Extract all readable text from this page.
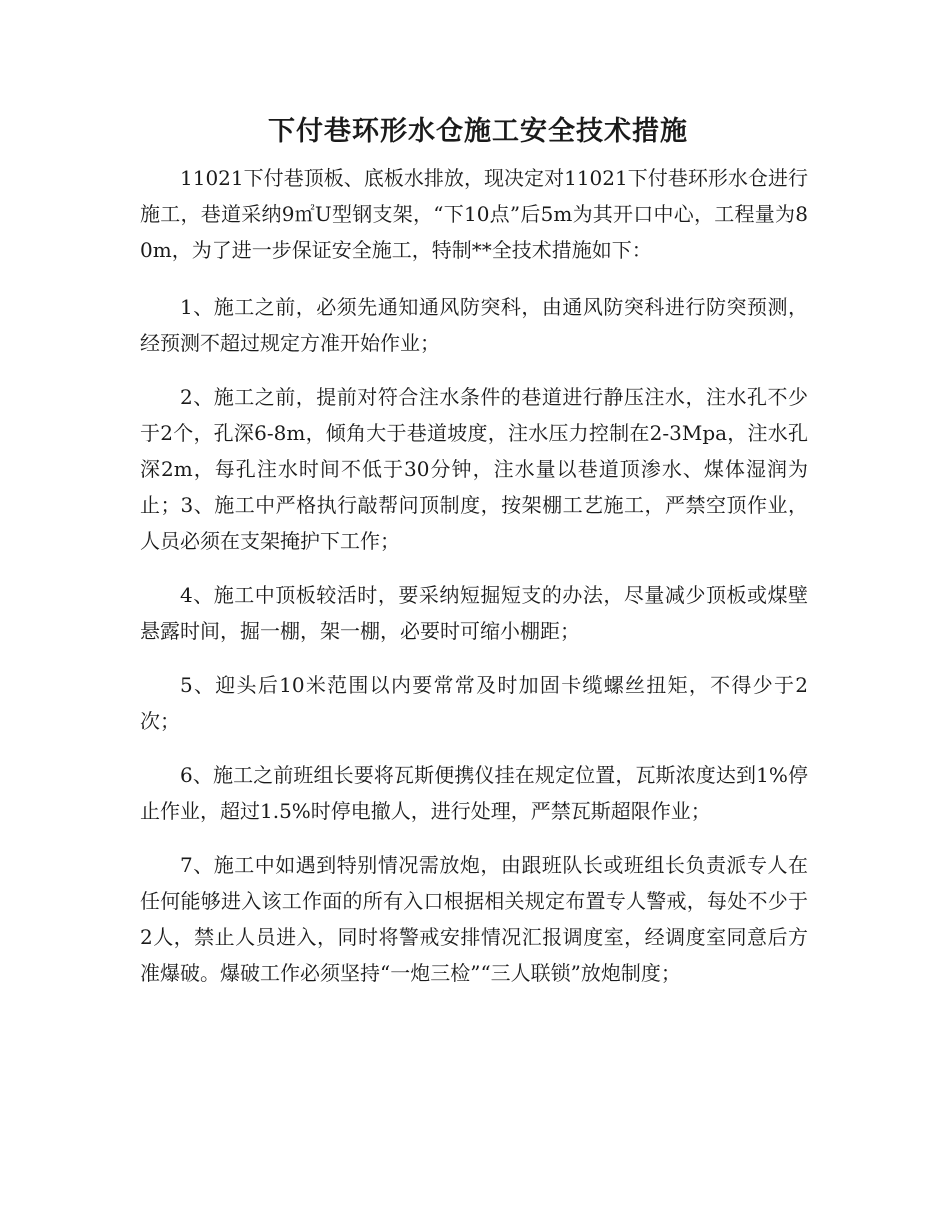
下付巷环形水仓施工安全技术措施

11021下付巷顶板、底板水排放，现决定对11021下付巷环形水仓进行施工，巷道采纳9㎡U型钢支架，“下10点”后5m为其开口中心，工程量为80m，为了进一步保证安全施工，特制**全技术措施如下：

1、施工之前，必须先通知通风防突科，由通风防突科进行防突预测，经预测不超过规定方准开始作业；

2、施工之前，提前对符合注水条件的巷道进行静压注水，注水孔不少于2个，孔深6-8m，倾角大于巷道坡度，注水压力控制在2-3Mpa，注水孔深2m，每孔注水时间不低于30分钟，注水量以巷道顶渗水、煤体湿润为止；3、施工中严格执行敲帮问顶制度，按架棚工艺施工，严禁空顶作业，人员必须在支架掩护下工作；

4、施工中顶板较活时，要采纳短掘短支的办法，尽量减少顶板或煤壁悬露时间，掘一棚，架一棚，必要时可缩小棚距；

5、迎头后10米范围以内要常常及时加固卡缆螺丝扭矩，不得少于2次；

6、施工之前班组长要将瓦斯便携仪挂在规定位置，瓦斯浓度达到1%停止作业，超过1.5%时停电撤人，进行处理，严禁瓦斯超限作业；

7、施工中如遇到特别情况需放炮，由跟班队长或班组长负责派专人在任何能够进入该工作面的所有入口根据相关规定布置专人警戒，每处不少于2人，禁止人员进入，同时将警戒安排情况汇报调度室，经调度室同意后方准爆破。爆破工作必须坚持“一炮三检”“三人联锁”放炮制度；
